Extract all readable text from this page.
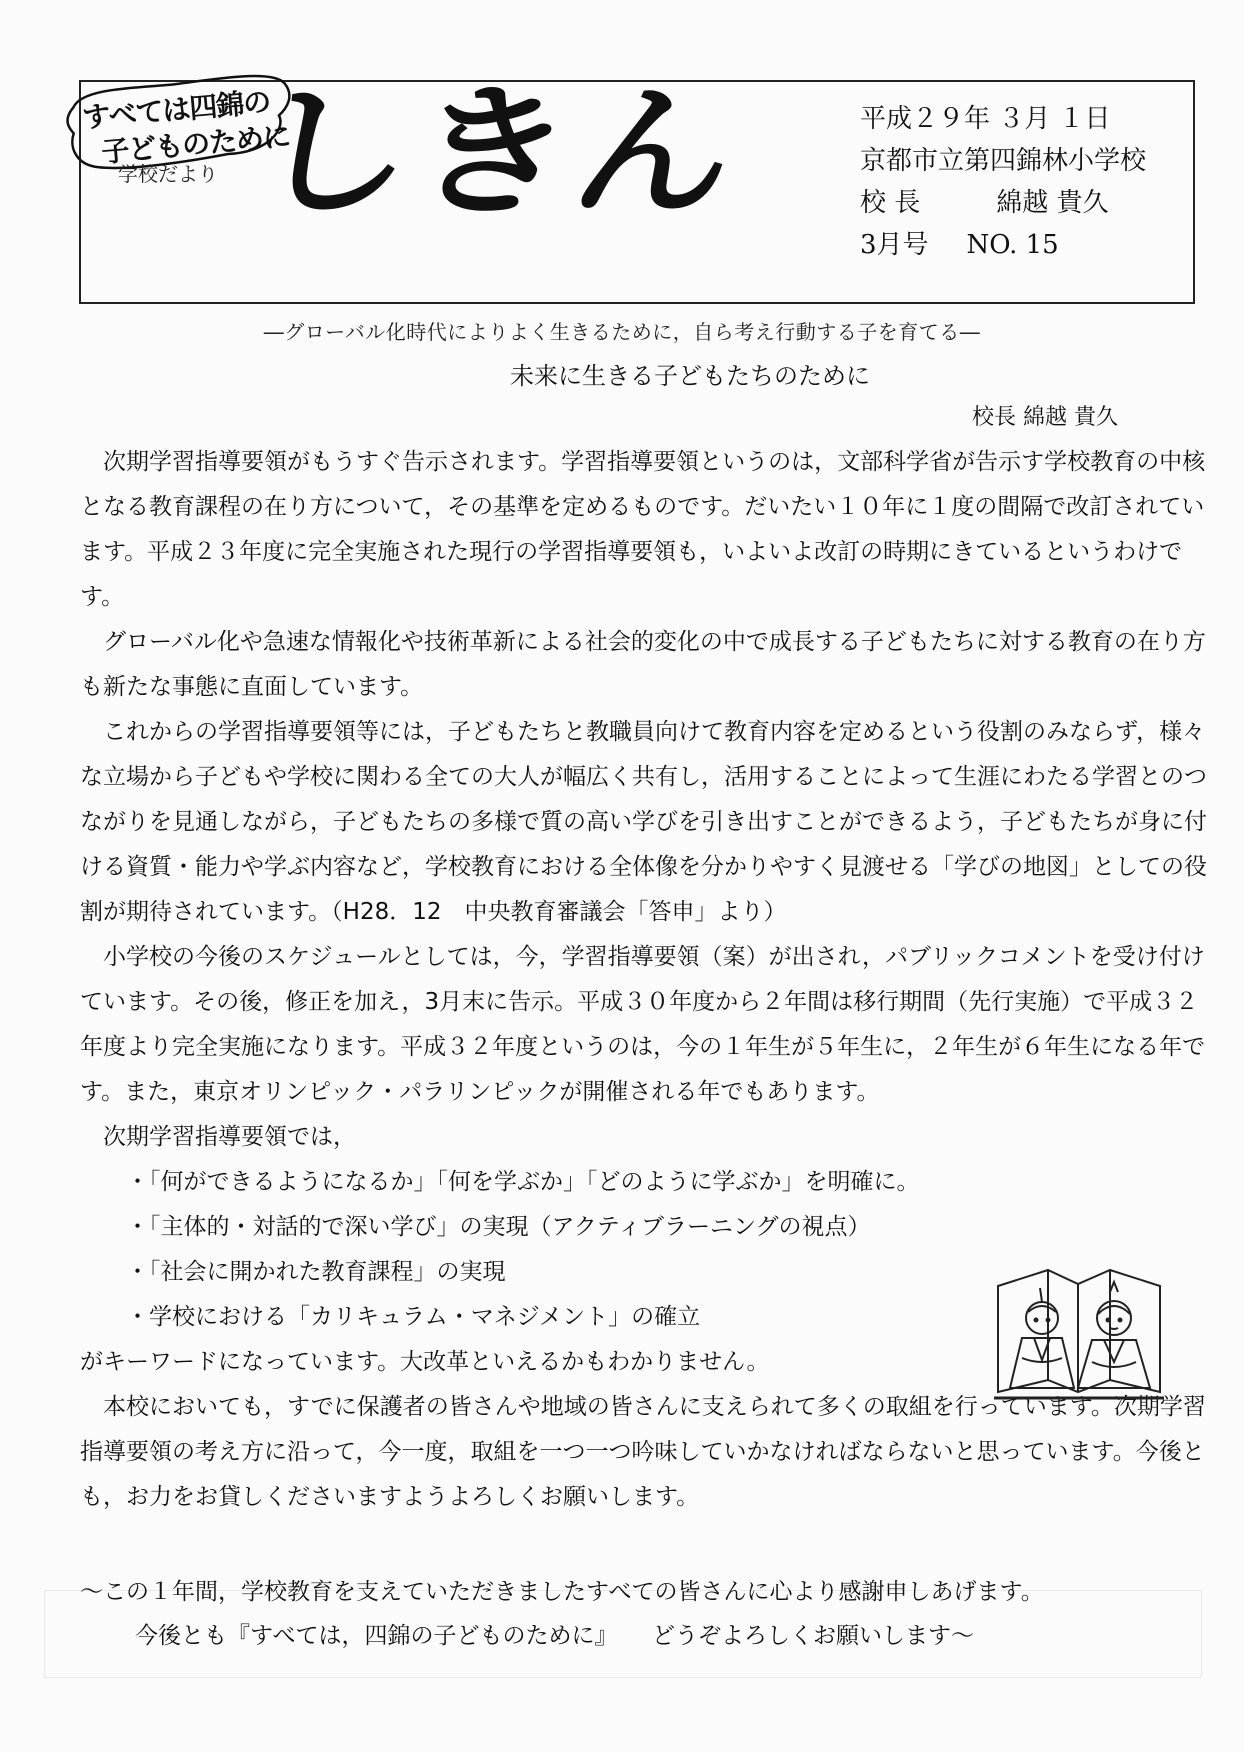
すべては四錦の
子どものために
学校だより しきん	平成２９年 ３月 １日
京都市立第四錦林小学校
校 長	綿越 貴久
3月号 NO. 15
―グローバル化時代によりよく生きるために，自ら考え行動する子を育てる―
未来に生きる子どもたちのために
校長 綿越 貴久

次期学習指導要領がもうすぐ告示されます。学習指導要領というのは，文部科学省が告示す学校教育の中核となる教育課程の在り方について，その基準を定めるものです。だいたい１０年に１度の間隔で改訂されています。平成２３年度に完全実施された現行の学習指導要領も，いよいよ改訂の時期にきているというわけです。

グローバル化や急速な情報化や技術革新による社会的変化の中で成長する子どもたちに対する教育の在り方も新たな事態に直面しています。

これからの学習指導要領等には，子どもたちと教職員向けて教育内容を定めるという役割のみならず，様々な立場から子どもや学校に関わる全ての大人が幅広く共有し，活用することによって生涯にわたる学習とのつながりを見通しながら，子どもたちの多様で質の高い学びを引き出すことができるよう，子どもたちが身に付ける資質・能力や学ぶ内容など，学校教育における全体像を分かりやすく見渡せる「学びの地図」としての役割が期待されています。（H28．12　中央教育審議会「答申」より）

小学校の今後のスケジュールとしては，今，学習指導要領（案）が出され，パブリックコメントを受け付けています。その後，修正を加え，3月末に告示。平成３０年度から２年間は移行期間（先行実施）で平成３２年度より完全実施になります。平成３２年度というのは，今の１年生が５年生に，２年生が６年生になる年です。また，東京オリンピック・パラリンピックが開催される年でもあります。

次期学習指導要領では，

・「何ができるようになるか」「何を学ぶか」「どのように学ぶか」を明確に。

・「主体的・対話的で深い学び」の実現（アクティブラーニングの視点）

・「社会に開かれた教育課程」の実現

・学校における「カリキュラム・マネジメント」の確立

がキーワードになっています。大改革といえるかもわかりません。

本校においても，すでに保護者の皆さんや地域の皆さんに支えられて多くの取組を行っています。次期学習指導要領の考え方に沿って，今一度，取組を一つ一つ吟味していかなければならないと思っています。今後とも，お力をお貸しくださいますようよろしくお願いします。

～この１年間，学校教育を支えていただきましたすべての皆さんに心より感謝申しあげます。
今後とも『すべては，四錦の子どものために』　　どうぞよろしくお願いします～
